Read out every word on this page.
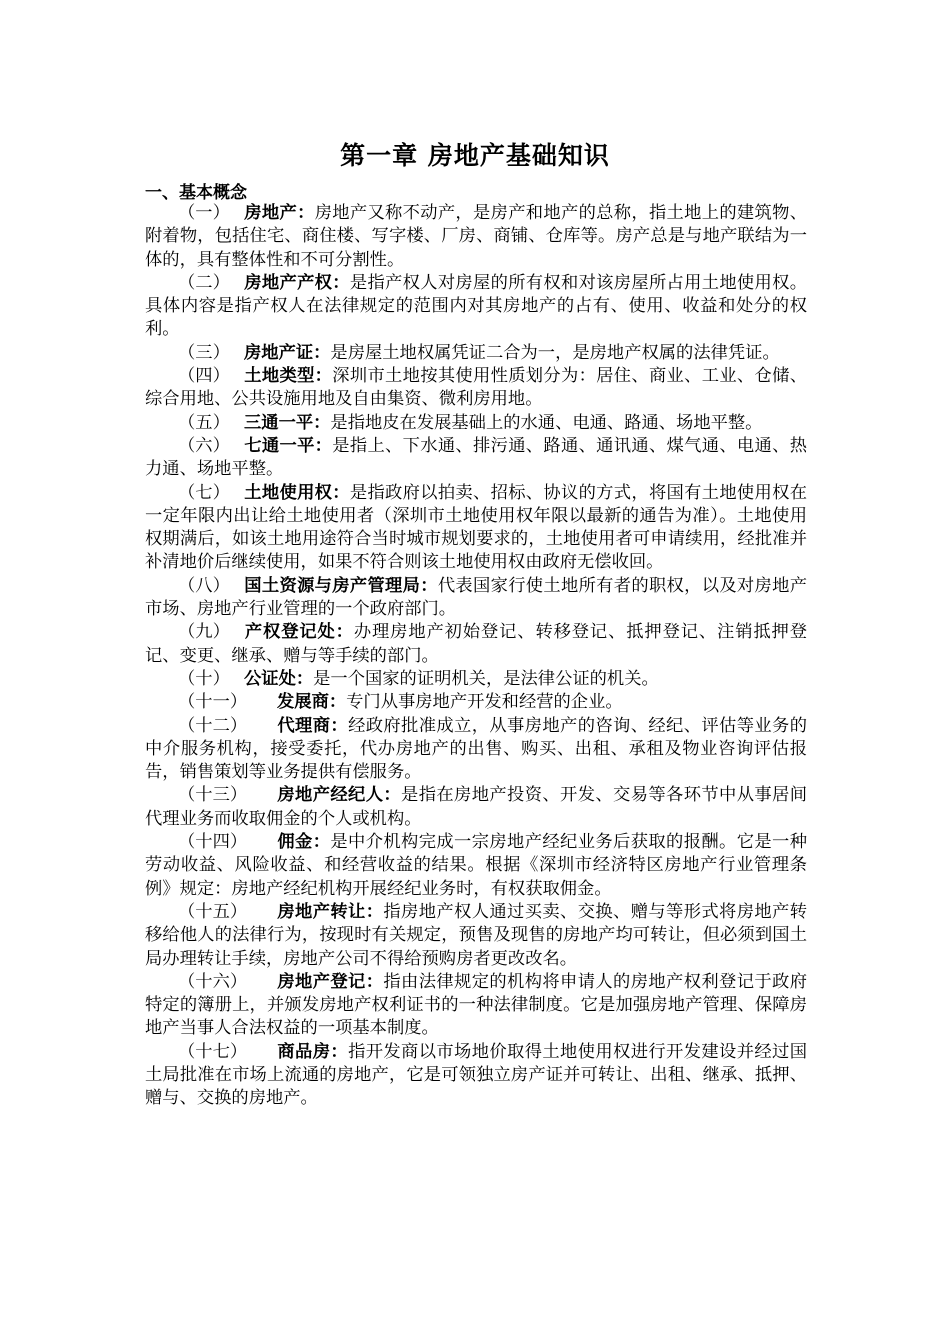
第一章 房地产基础知识
一、基本概念

（一） 房地产：房地产又称不动产，是房产和地产的总称，指土地上的建筑物、附着物，包括住宅、商住楼、写字楼、厂房、商铺、仓库等。房产总是与地产联结为一体的，具有整体性和不可分割性。

（二） 房地产产权：是指产权人对房屋的所有权和对该房屋所占用土地使用权。具体内容是指产权人在法律规定的范围内对其房地产的占有、使用、收益和处分的权利。

（三） 房地产证：是房屋土地权属凭证二合为一，是房地产权属的法律凭证。

（四） 土地类型：深圳市土地按其使用性质划分为：居住、商业、工业、仓储、综合用地、公共设施用地及自由集资、微利房用地。

（五） 三通一平：是指地皮在发展基础上的水通、电通、路通、场地平整。

（六） 七通一平：是指上、下水通、排污通、路通、通讯通、煤气通、电通、热力通、场地平整。

（七） 土地使用权：是指政府以拍卖、招标、协议的方式，将国有土地使用权在一定年限内出让给土地使用者（深圳市土地使用权年限以最新的通告为准）。土地使用权期满后，如该土地用途符合当时城市规划要求的，土地使用者可申请续用，经批准并补清地价后继续使用，如果不符合则该土地使用权由政府无偿收回。

（八） 国土资源与房产管理局：代表国家行使土地所有者的职权，以及对房地产市场、房地产行业管理的一个政府部门。

（九） 产权登记处：办理房地产初始登记、转移登记、抵押登记、注销抵押登记、变更、继承、赠与等手续的部门。

（十） 公证处：是一个国家的证明机关，是法律公证的机关。

（十一） 发展商：专门从事房地产开发和经营的企业。

（十二） 代理商：经政府批准成立，从事房地产的咨询、经纪、评估等业务的中介服务机构，接受委托，代办房地产的出售、购买、出租、承租及物业咨询评估报告，销售策划等业务提供有偿服务。

（十三） 房地产经纪人：是指在房地产投资、开发、交易等各环节中从事居间代理业务而收取佣金的个人或机构。

（十四） 佣金：是中介机构完成一宗房地产经纪业务后获取的报酬。它是一种劳动收益、风险收益、和经营收益的结果。根据《深圳市经济特区房地产行业管理条例》规定：房地产经纪机构开展经纪业务时，有权获取佣金。

（十五） 房地产转让：指房地产权人通过买卖、交换、赠与等形式将房地产转移给他人的法律行为，按现时有关规定，预售及现售的房地产均可转让，但必须到国土局办理转让手续，房地产公司不得给预购房者更改改名。

（十六） 房地产登记：指由法律规定的机构将申请人的房地产权利登记于政府特定的簿册上，并颁发房地产权利证书的一种法律制度。它是加强房地产管理、保障房地产当事人合法权益的一项基本制度。

（十七） 商品房：指开发商以市场地价取得土地使用权进行开发建设并经过国土局批准在市场上流通的房地产，它是可领独立房产证并可转让、出租、继承、抵押、赠与、交换的房地产。
